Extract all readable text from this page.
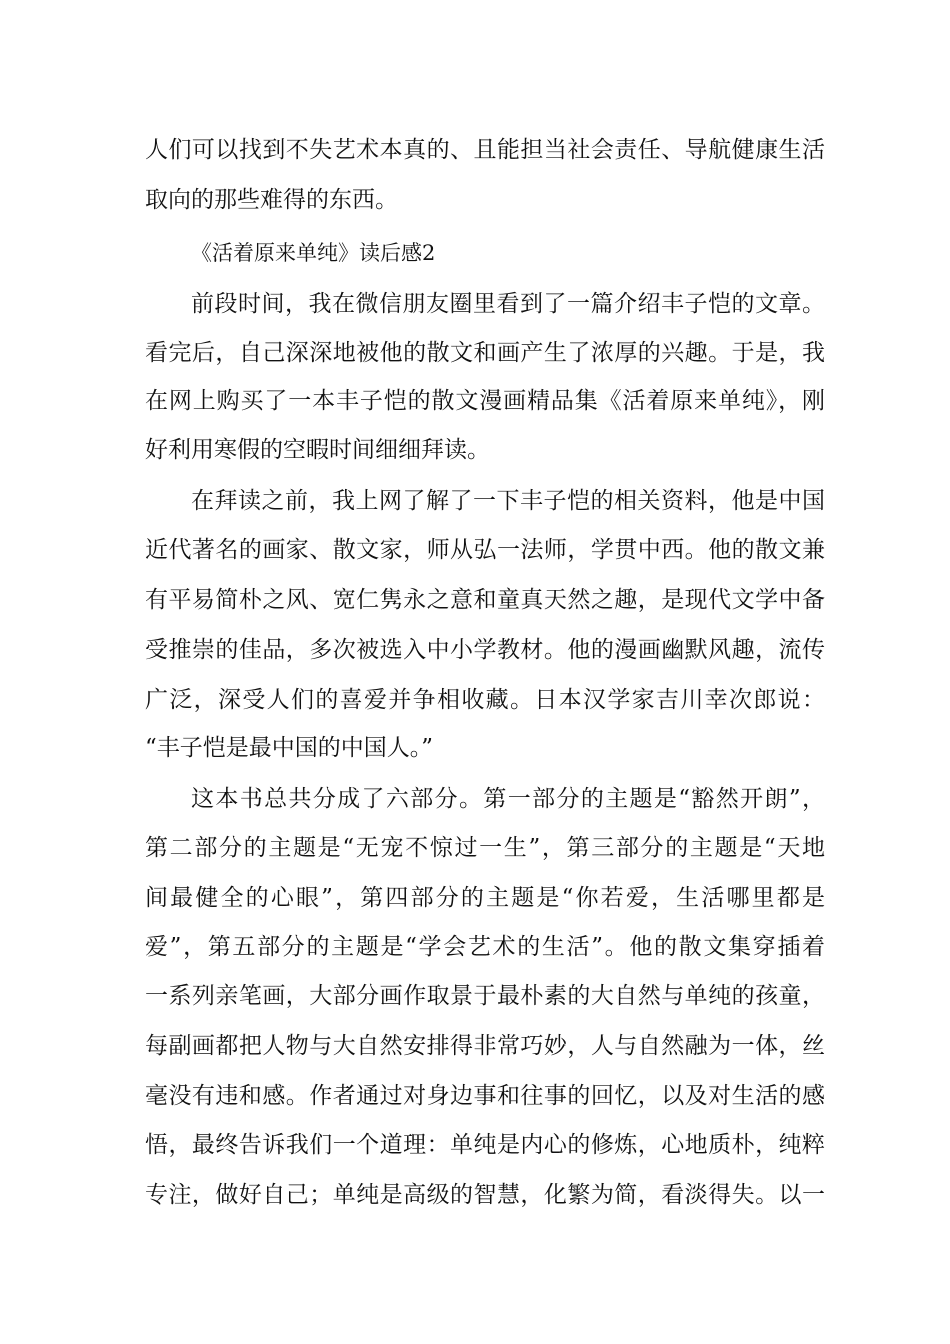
人们可以找到不失艺术本真的、且能担当社会责任、导航健康生活
取向的那些难得的东西。
《活着原来单纯》读后感2
前段时间，我在微信朋友圈里看到了一篇介绍丰子恺的文章。
看完后，自己深深地被他的散文和画产生了浓厚的兴趣。于是，我
在网上购买了一本丰子恺的散文漫画精品集《活着原来单纯》，刚
好利用寒假的空暇时间细细拜读。
在拜读之前，我上网了解了一下丰子恺的相关资料，他是中国
近代著名的画家、散文家，师从弘一法师，学贯中西。他的散文兼
有平易简朴之风、宽仁隽永之意和童真天然之趣，是现代文学中备
受推崇的佳品，多次被选入中小学教材。他的漫画幽默风趣，流传
广泛，深受人们的喜爱并争相收藏。日本汉学家吉川幸次郎说：
“丰子恺是最中国的中国人。”
这本书总共分成了六部分。第一部分的主题是“豁然开朗”，
第二部分的主题是“无宠不惊过一生”，第三部分的主题是“天地
间最健全的心眼”，第四部分的主题是“你若爱，生活哪里都是
爱”，第五部分的主题是“学会艺术的生活”。他的散文集穿插着
一系列亲笔画，大部分画作取景于最朴素的大自然与单纯的孩童，
每副画都把人物与大自然安排得非常巧妙，人与自然融为一体，丝
毫没有违和感。作者通过对身边事和往事的回忆，以及对生活的感
悟，最终告诉我们一个道理：单纯是内心的修炼，心地质朴，纯粹
专注，做好自己；单纯是高级的智慧，化繁为简，看淡得失。以一
